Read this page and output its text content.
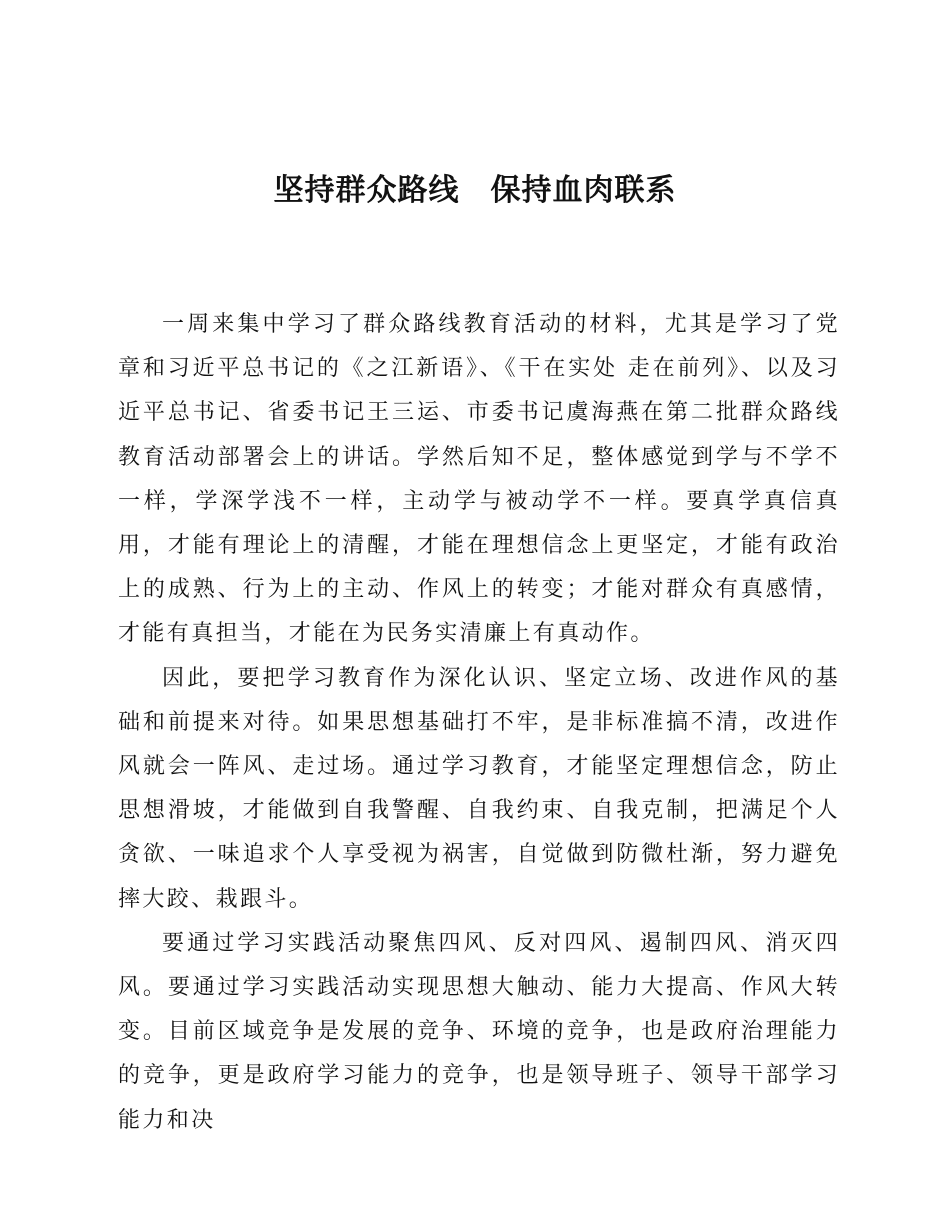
坚持群众路线　保持血肉联系

一周来集中学习了群众路线教育活动的材料，尤其是学习了党章和习近平总书记的《之江新语》、《干在实处 走在前列》、以及习近平总书记、省委书记王三运、市委书记虞海燕在第二批群众路线教育活动部署会上的讲话。学然后知不足，整体感觉到学与不学不一样，学深学浅不一样，主动学与被动学不一样。要真学真信真用，才能有理论上的清醒，才能在理想信念上更坚定，才能有政治上的成熟、行为上的主动、作风上的转变；才能对群众有真感情，才能有真担当，才能在为民务实清廉上有真动作。

因此，要把学习教育作为深化认识、坚定立场、改进作风的基础和前提来对待。如果思想基础打不牢，是非标准搞不清，改进作风就会一阵风、走过场。通过学习教育，才能坚定理想信念，防止思想滑坡，才能做到自我警醒、自我约束、自我克制，把满足个人贪欲、一味追求个人享受视为祸害，自觉做到防微杜渐，努力避免摔大跤、栽跟斗。

要通过学习实践活动聚焦四风、反对四风、遏制四风、消灭四风。要通过学习实践活动实现思想大触动、能力大提高、作风大转变。目前区域竞争是发展的竞争、环境的竞争，也是政府治理能力的竞争，更是政府学习能力的竞争，也是领导班子、领导干部学习能力和决
